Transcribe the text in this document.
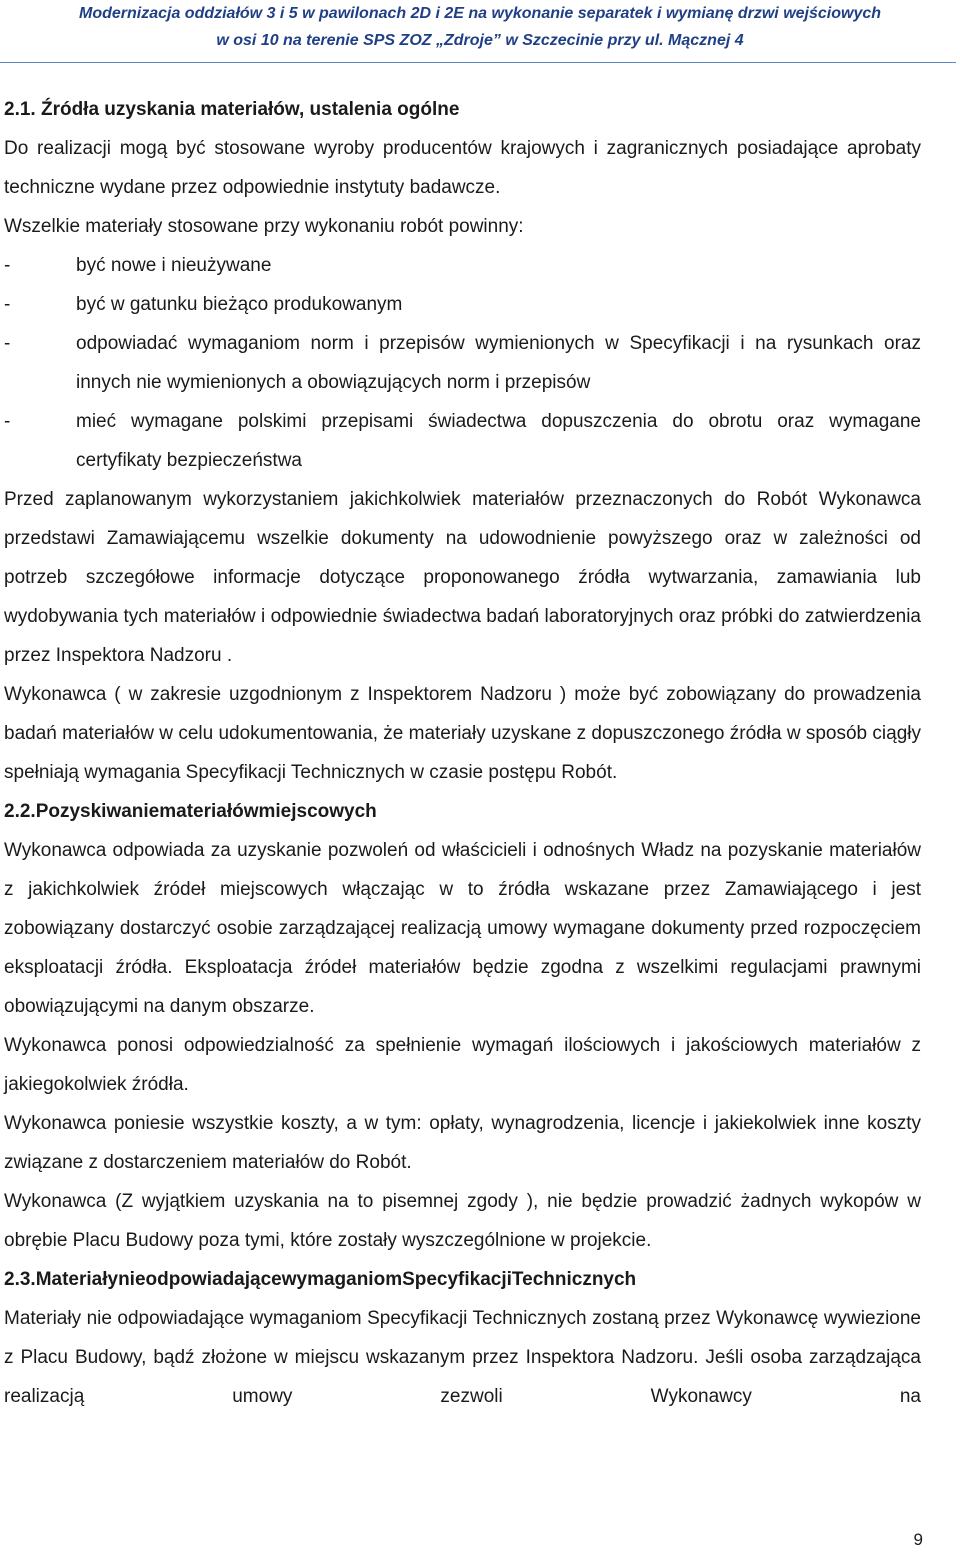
Modernizacja oddziałów 3 i 5 w pawilonach 2D i 2E na wykonanie separatek i wymianę drzwi wejściowych
w osi 10 na terenie SPS ZOZ „Zdroje” w Szczecinie przy ul. Mącznej 4
2.1. Źródła uzyskania materiałów, ustalenia ogólne
Do realizacji mogą być stosowane wyroby producentów krajowych i zagranicznych posiadające aprobaty techniczne wydane przez odpowiednie instytuty badawcze.
Wszelkie materiały stosowane przy wykonaniu robót powinny:
-	być nowe i nieużywane
-	być w gatunku bieżąco produkowanym
-	odpowiadać wymaganiom norm i przepisów wymienionych w Specyfikacji i na rysunkach oraz innych nie wymienionych a obowiązujących norm i przepisów
-	mieć wymagane polskimi przepisami świadectwa dopuszczenia do obrotu oraz wymagane certyfikaty bezpieczeństwa
Przed zaplanowanym wykorzystaniem jakichkolwiek materiałów przeznaczonych do Robót Wykonawca przedstawi Zamawiającemu wszelkie dokumenty na udowodnienie powyższego oraz w zależności od potrzeb szczegółowe informacje dotyczące proponowanego źródła wytwarzania, zamawiania lub wydobywania tych materiałów i odpowiednie świadectwa badań laboratoryjnych oraz próbki do zatwierdzenia przez Inspektora Nadzoru .
Wykonawca ( w zakresie uzgodnionym z Inspektorem Nadzoru ) może być zobowiązany do prowadzenia badań materiałów w celu udokumentowania, że materiały uzyskane z dopuszczonego źródła w sposób ciągły spełniają wymagania Specyfikacji Technicznych w czasie postępu Robót.
2.2.Pozyskiwaniemateriałówmiejscowych
Wykonawca odpowiada za uzyskanie pozwoleń od właścicieli i odnośnych Władz na pozyskanie materiałów z jakichkolwiek źródeł miejscowych włączając w to źródła wskazane przez Zamawiającego i jest zobowiązany dostarczyć osobie zarządzającej realizacją umowy wymagane dokumenty przed rozpoczęciem eksploatacji źródła. Eksploatacja źródeł materiałów będzie zgodna z wszelkimi regulacjami prawnymi obowiązującymi na danym obszarze.
Wykonawca ponosi odpowiedzialność za spełnienie wymagań ilościowych i jakościowych materiałów z jakiegokolwiek źródła.
Wykonawca poniesie wszystkie koszty, a w tym: opłaty, wynagrodzenia, licencje i jakiekolwiek inne koszty związane z dostarczeniem materiałów do Robót.
Wykonawca (Z wyjątkiem uzyskania na to pisemnej zgody ), nie będzie prowadzić żadnych wykopów w obrębie Placu Budowy poza tymi, które zostały wyszczególnione w projekcie.
2.3.MateriałynieodpowiadającewymaganiomSpecyfikacjiTechnicznych
Materiały nie odpowiadające wymaganiom Specyfikacji Technicznych zostaną przez Wykonawcę wywiezione z Placu Budowy, bądź złożone w miejscu wskazanym przez Inspektora Nadzoru. Jeśli osoba zarządzająca realizacją umowy zezwoli Wykonawcy na
9
